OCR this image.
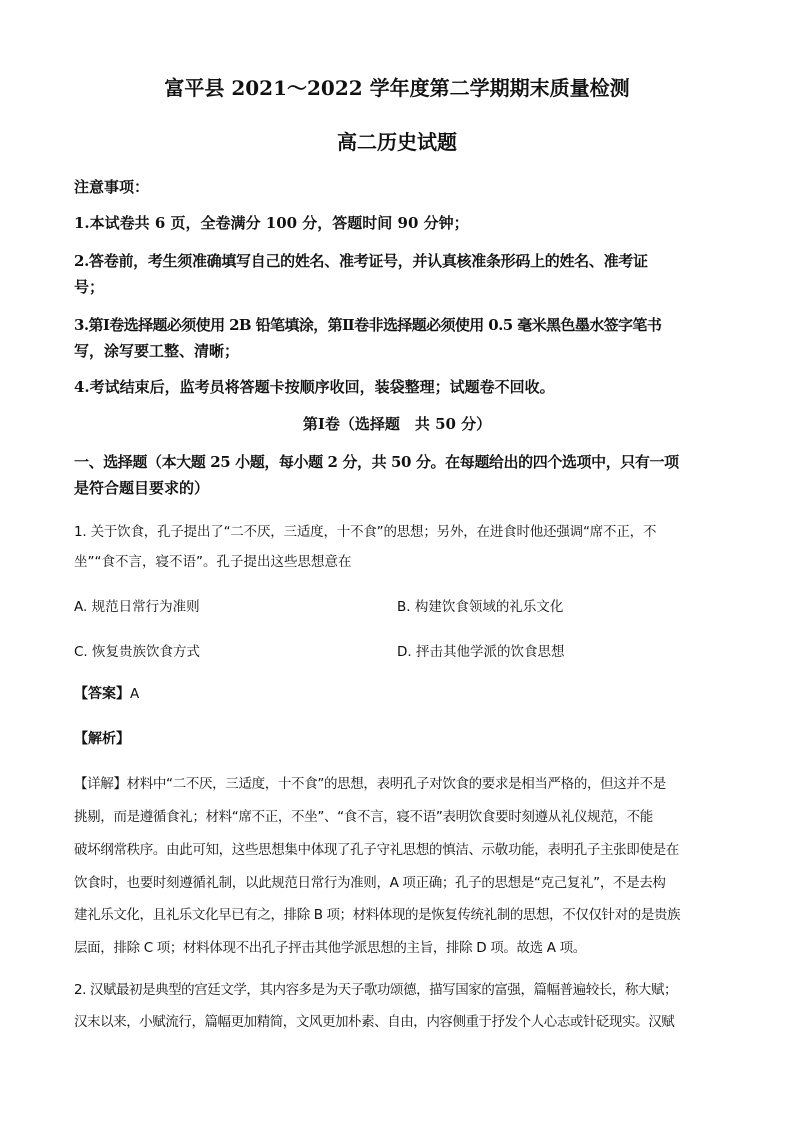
富平县 2021～2022 学年度第二学期期末质量检测
高二历史试题
注意事项：
1.本试卷共 6 页，全卷满分 100 分，答题时间 90 分钟；
2.答卷前，考生须准确填写自己的姓名、准考证号，并认真核准条形码上的姓名、准考证
号；
3.第Ⅰ卷选择题必须使用 2B 铅笔填涂，第Ⅱ卷非选择题必须使用 0.5 毫米黑色墨水签字笔书
写，涂写要工整、清晰；
4.考试结束后，监考员将答题卡按顺序收回，装袋整理；试题卷不回收。
第Ⅰ卷（选择题　共 50 分）
一、选择题（本大题 25 小题，每小题 2 分，共 50 分。在每题给出的四个选项中，只有一项
是符合题目要求的）
1. 关于饮食，孔子提出了“二不厌，三适度，十不食”的思想；另外，在进食时他还强调“席不正，不
坐”“食不言，寝不语”。孔子提出这些思想意在
A. 规范日常行为准则	B. 构建饮食领域的礼乐文化
C. 恢复贵族饮食方式	D. 抨击其他学派的饮食思想
【答案】A
【解析】
【详解】材料中“二不厌，三适度，十不食”的思想，表明孔子对饮食的要求是相当严格的，但这并不是
挑剔，而是遵循食礼；材料“席不正，不坐”、“食不言，寝不语”表明饮食要时刻遵从礼仪规范，不能
破坏纲常秩序。由此可知，这些思想集中体现了孔子守礼思想的慎洁、示敬功能，表明孔子主张即使是在
饮食时，也要时刻遵循礼制，以此规范日常行为准则，A 项正确；孔子的思想是“克己复礼”，不是去构
建礼乐文化，且礼乐文化早已有之，排除 B 项；材料体现的是恢复传统礼制的思想，不仅仅针对的是贵族
层面，排除 C 项；材料体现不出孔子抨击其他学派思想的主旨，排除 D 项。故选 A 项。
2. 汉赋最初是典型的宫廷文学，其内容多是为天子歌功颂德，描写国家的富强，篇幅普遍较长，称大赋；
汉末以来，小赋流行，篇幅更加精简，文风更加朴素、自由，内容侧重于抒发个人心志或针砭现实。汉赋
